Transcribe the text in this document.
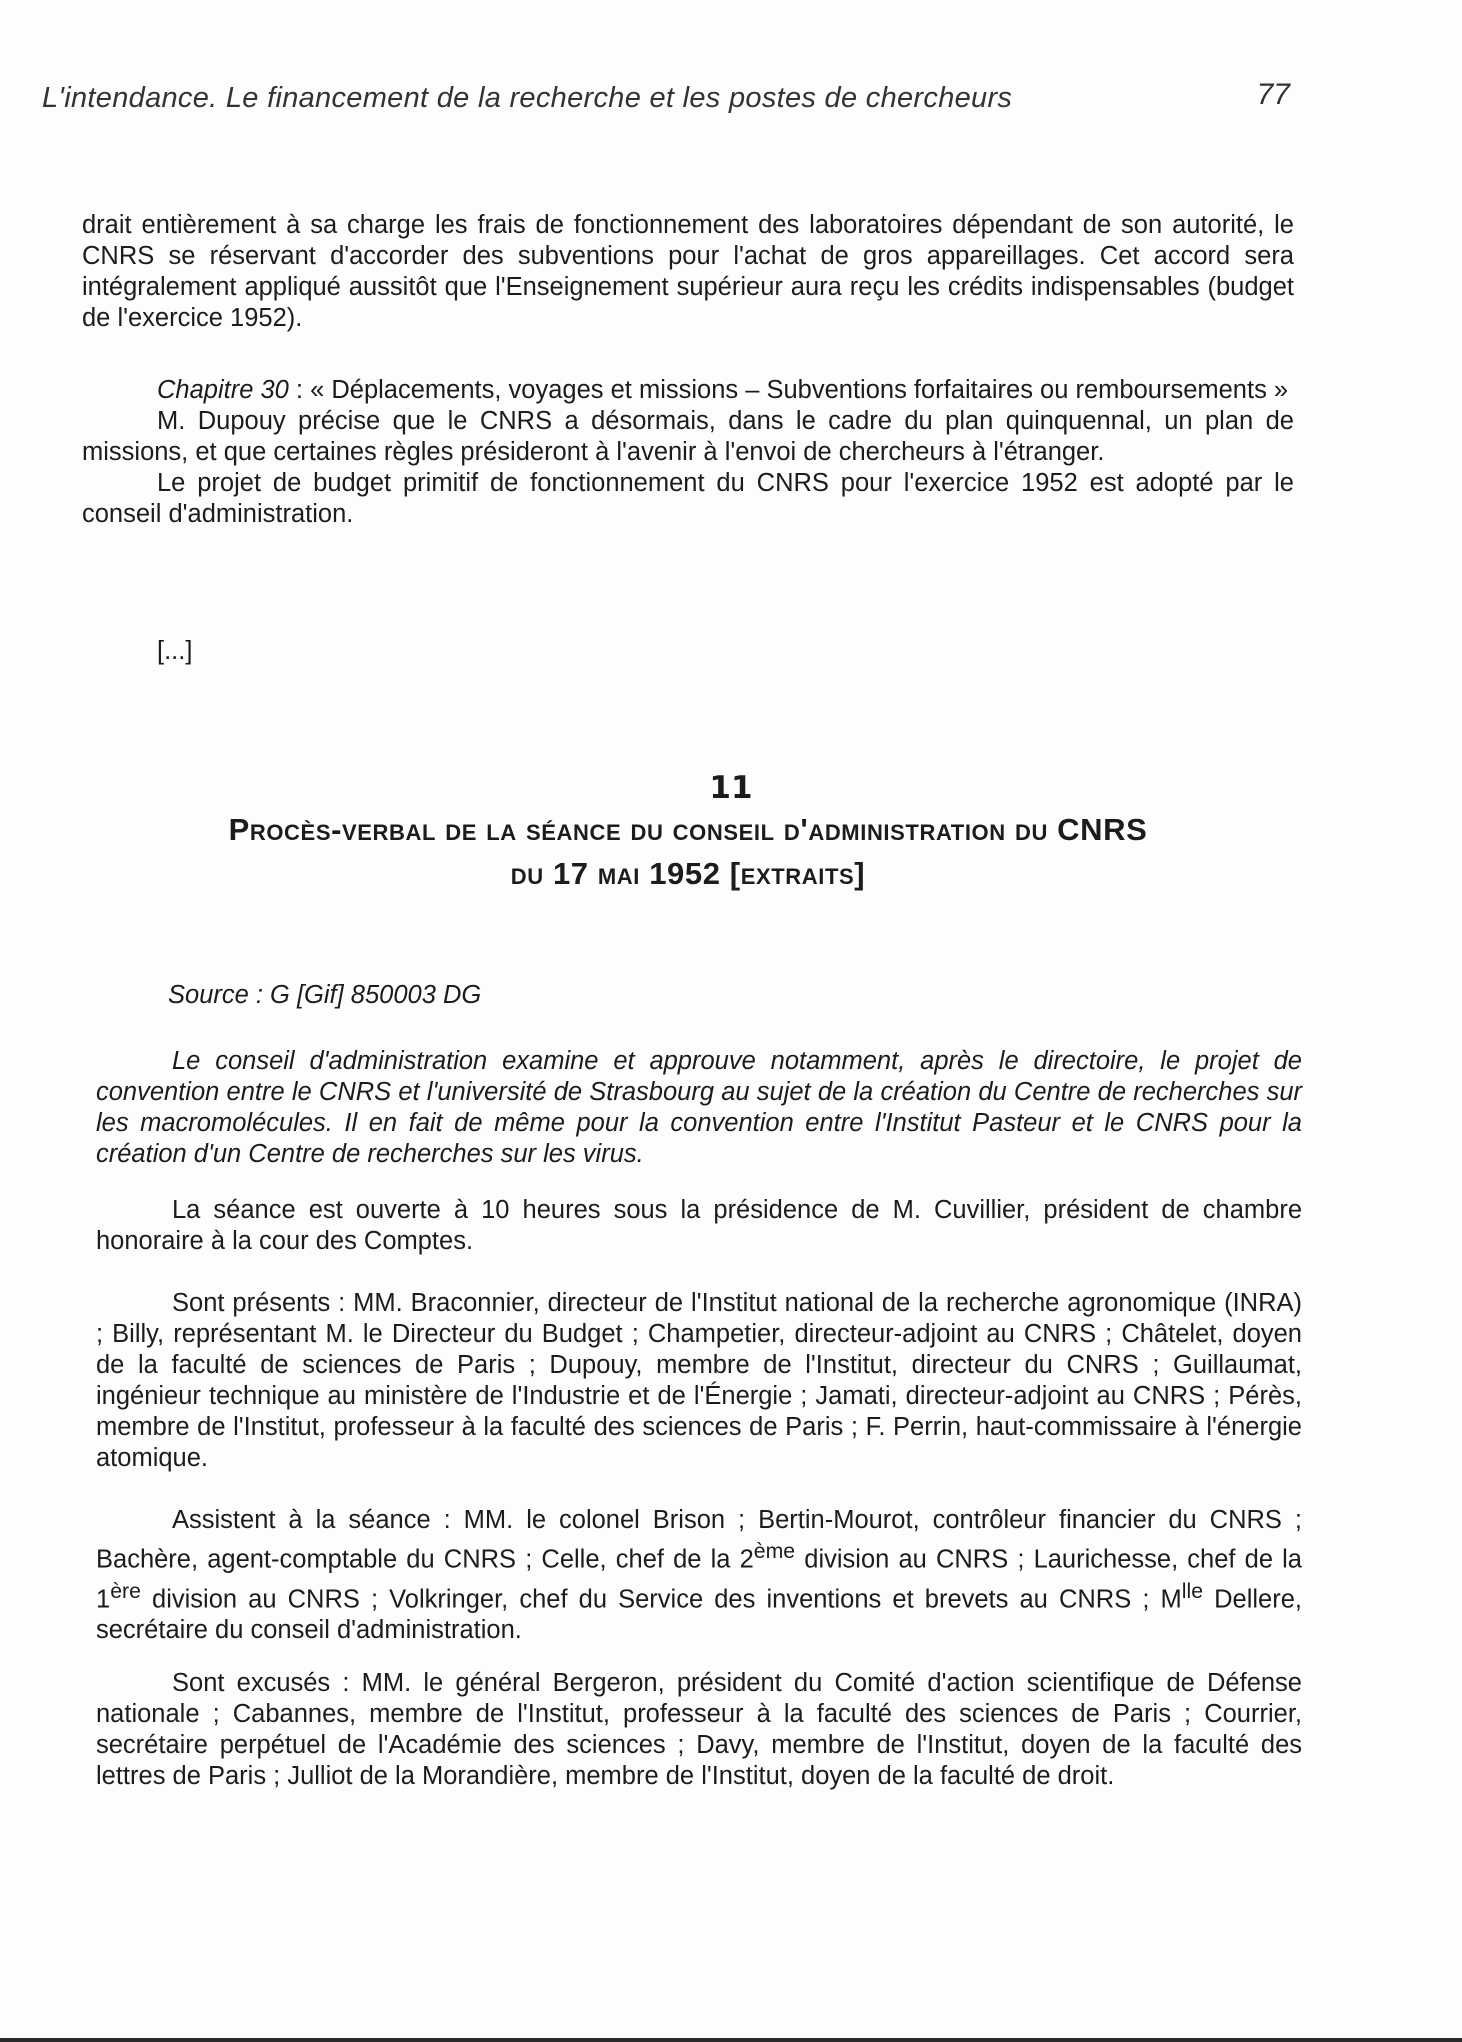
L'intendance. Le financement de la recherche et les postes de chercheurs	77

drait entièrement à sa charge les frais de fonctionnement des laboratoires dépendant de son autorité, le CNRS se réservant d'accorder des subventions pour l'achat de gros appareillages. Cet accord sera intégralement appliqué aussitôt que l'Enseignement supérieur aura reçu les crédits indispensables (budget de l'exercice 1952).

Chapitre 30 : « Déplacements, voyages et missions – Subventions forfaitaires ou remboursements »

M. Dupouy précise que le CNRS a désormais, dans le cadre du plan quinquennal, un plan de missions, et que certaines règles présideront à l'avenir à l'envoi de chercheurs à l'étranger.

Le projet de budget primitif de fonctionnement du CNRS pour l'exercice 1952 est adopté par le conseil d'administration.

[...]

11
Procès-verbal de la séance du conseil d'administration du CNRS
du 17 mai 1952 [extraits]
Source : G [Gif] 850003 DG

Le conseil d'administration examine et approuve notamment, après le directoire, le projet de convention entre le CNRS et l'université de Strasbourg au sujet de la création du Centre de recherches sur les macromolécules. Il en fait de même pour la convention entre l'Institut Pasteur et le CNRS pour la création d'un Centre de recherches sur les virus.

La séance est ouverte à 10 heures sous la présidence de M. Cuvillier, président de chambre honoraire à la cour des Comptes.

Sont présents : MM. Braconnier, directeur de l'Institut national de la recherche agronomique (INRA) ; Billy, représentant M. le Directeur du Budget ; Champetier, directeur-adjoint au CNRS ; Châtelet, doyen de la faculté de sciences de Paris ; Dupouy, membre de l'Institut, directeur du CNRS ; Guillaumat, ingénieur technique au ministère de l'Industrie et de l'Énergie ; Jamati, directeur-adjoint au CNRS ; Pérès, membre de l'Institut, professeur à la faculté des sciences de Paris ; F. Perrin, haut-commissaire à l'énergie atomique.

Assistent à la séance : MM. le colonel Brison ; Bertin-Mourot, contrôleur financier du CNRS ; Bachère, agent-comptable du CNRS ; Celle, chef de la 2ème division au CNRS ; Laurichesse, chef de la 1ère division au CNRS ; Volkringer, chef du Service des inventions et brevets au CNRS ; $M^{lle}$ Dellere, secrétaire du conseil d'administration.

Sont excusés : MM. le général Bergeron, président du Comité d'action scientifique de Défense nationale ; Cabannes, membre de l'Institut, professeur à la faculté des sciences de Paris ; Courrier, secrétaire perpétuel de l'Académie des sciences ; Davy, membre de l'Institut, doyen de la faculté des lettres de Paris ; Julliot de la Morandière, membre de l'Institut, doyen de la faculté de droit.
